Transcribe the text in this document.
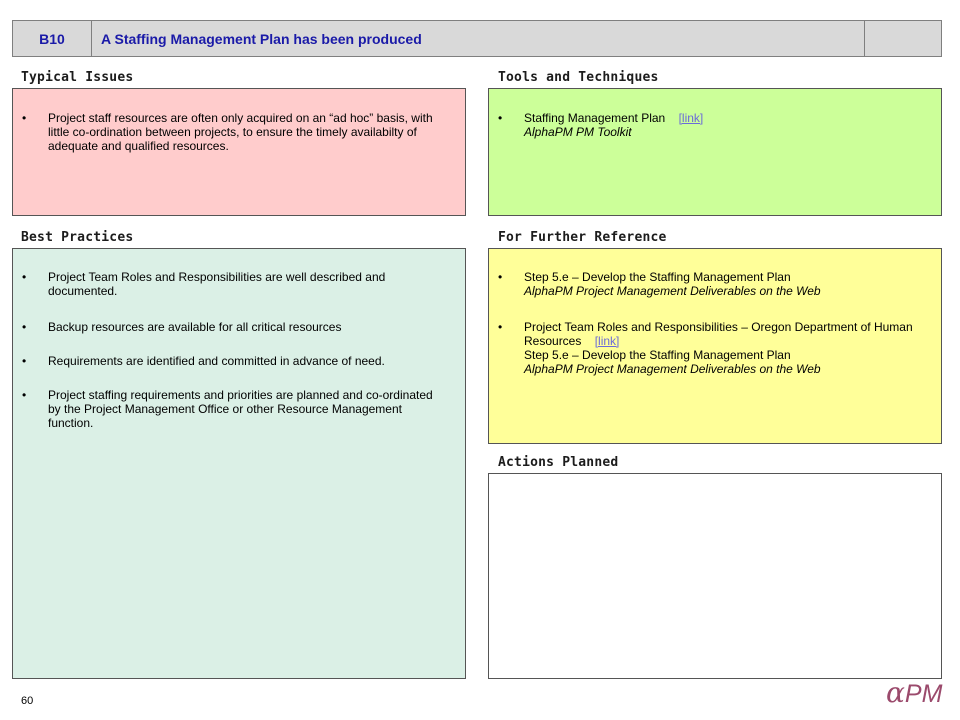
B10	A Staffing Management Plan has been produced
Typical Issues
• Project staff resources are often only acquired on an “ad hoc” basis, with little co-ordination between projects, to ensure the timely availabilty of adequate and qualified resources.
Tools and Techniques
• Staffing Management Plan [link]
AlphaPM PM Toolkit
Best Practices
• Project Team Roles and Responsibilities are well described and documented.
• Backup resources are available for all critical resources
• Requirements are identified and committed in advance of need.
• Project staffing requirements and priorities are planned and co-ordinated by the Project Management Office or other Resource Management function.
For Further Reference
• Step 5.e – Develop the Staffing Management Plan
AlphaPM Project Management Deliverables on the Web
• Project Team Roles and Responsibilities – Oregon Department of Human Resources [link]
Step 5.e – Develop the Staffing Management Plan
AlphaPM Project Management Deliverables on the Web
Actions Planned
60	αPM
